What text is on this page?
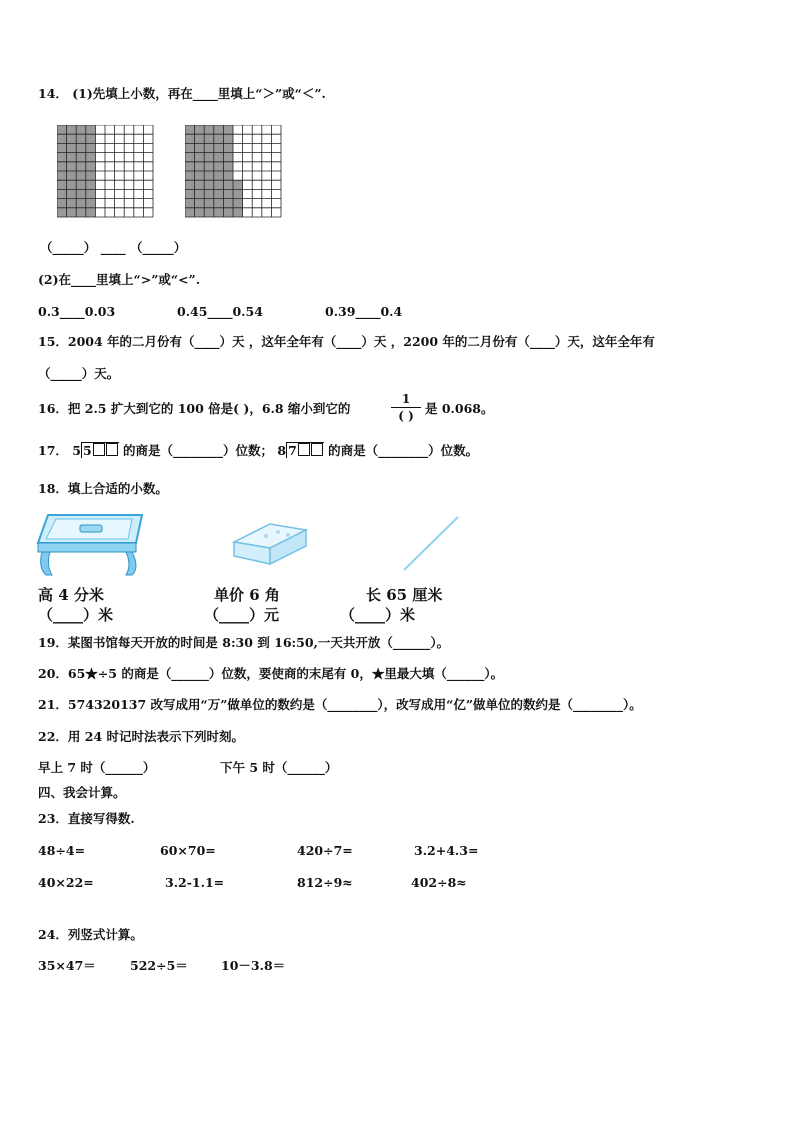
14． (1)先填上小数，再在____里填上“＞”或“＜”.
（_____） ____ （_____）
(2)在____里填上“>”或“<”.
0.3____0.03	0.45____0.54	0.39____0.4
15．2004 年的二月份有（____）天 ，这年全年有（____）天 ，2200 年的二月份有（____）天，这年全年有
（_____）天。
16．把 2.5 扩大到它的 100 倍是( )，6.8 缩小到它的
1
( ) 是 0.068。
17． 5 5	的商是（________）位数； 8 7	的商是（________）位数。
18．填上合适的小数。
高 4 分米	单价 6 角	长 65 厘米
（____）米	（____）元	（____）米
19．某图书馆每天开放的时间是 8:30 到 16:50,一天共开放（______）。
20．65★÷5 的商是（______）位数，要使商的末尾有 0，★里最大填（______）。
21．574320137 改写成用“万”做单位的数约是（________），改写成用“亿”做单位的数约是（________）。
22．用 24 时记时法表示下列时刻。
早上 7 时（______）	下午 5 时（______）
四、我会计算。
23．直接写得数.
48÷4=	60×70=	420÷7=	3.2+4.3=
40×22=	3.2-1.1=	812÷9≈	402÷8≈
24．列竖式计算。
35×47＝	522÷5＝	10－3.8＝
